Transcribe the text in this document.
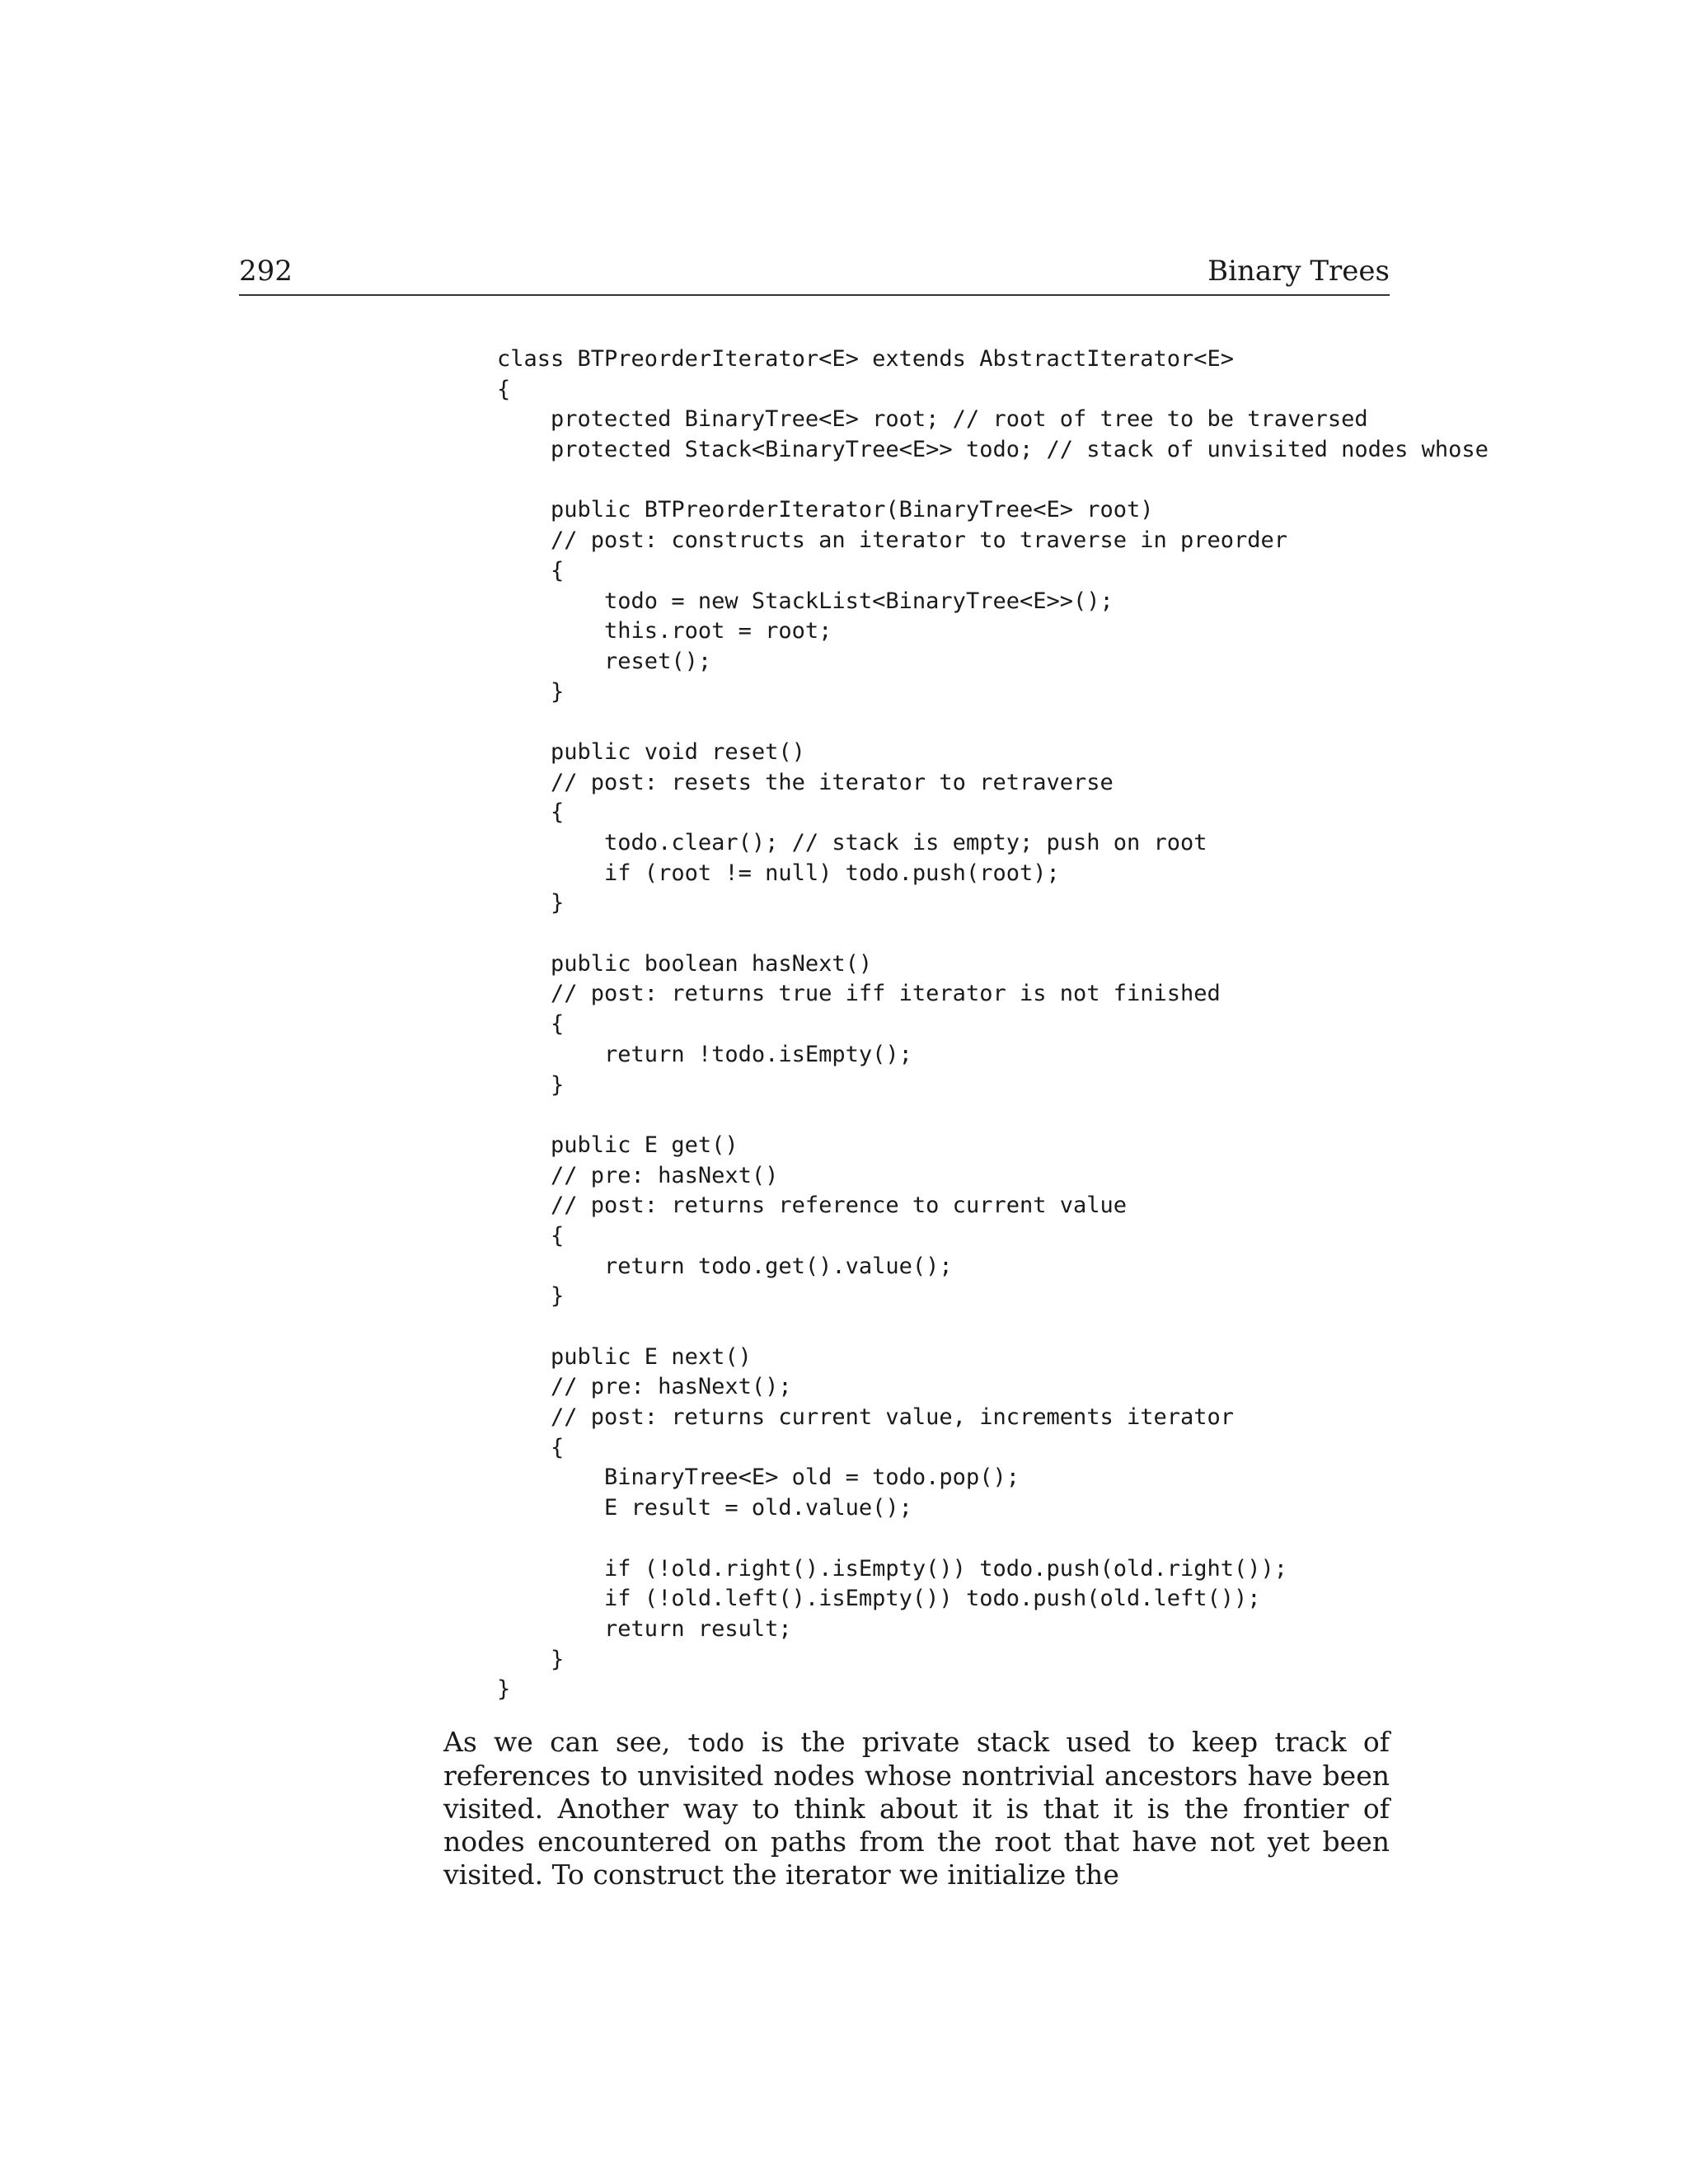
292	Binary Trees
class BTPreorderIterator<E> extends AbstractIterator<E>
{
protected BinaryTree<E> root; // root of tree to be traversed
protected Stack<BinaryTree<E>> todo; // stack of unvisited nodes whose
public BTPreorderIterator(BinaryTree<E> root)
// post: constructs an iterator to traverse in preorder
{
todo = new StackList<BinaryTree<E>>();
this.root = root;
reset();
}
public void reset()
// post: resets the iterator to retraverse
{
todo.clear(); // stack is empty; push on root
if (root != null) todo.push(root);
}
public boolean hasNext()
// post: returns true iff iterator is not finished
{
return !todo.isEmpty();
}
public E get()
// pre: hasNext()
// post: returns reference to current value
{
return todo.get().value();
}
public E next()
// pre: hasNext();
// post: returns current value, increments iterator
{
BinaryTree<E> old = todo.pop();
E result = old.value();
if (!old.right().isEmpty()) todo.push(old.right());
if (!old.left().isEmpty()) todo.push(old.left());
return result;
}
}

As we can see, todo is the private stack used to keep track of references to unvisited nodes whose nontrivial ancestors have been visited. Another way to think about it is that it is the frontier of nodes encountered on paths from the root that have not yet been visited. To construct the iterator we initialize the
